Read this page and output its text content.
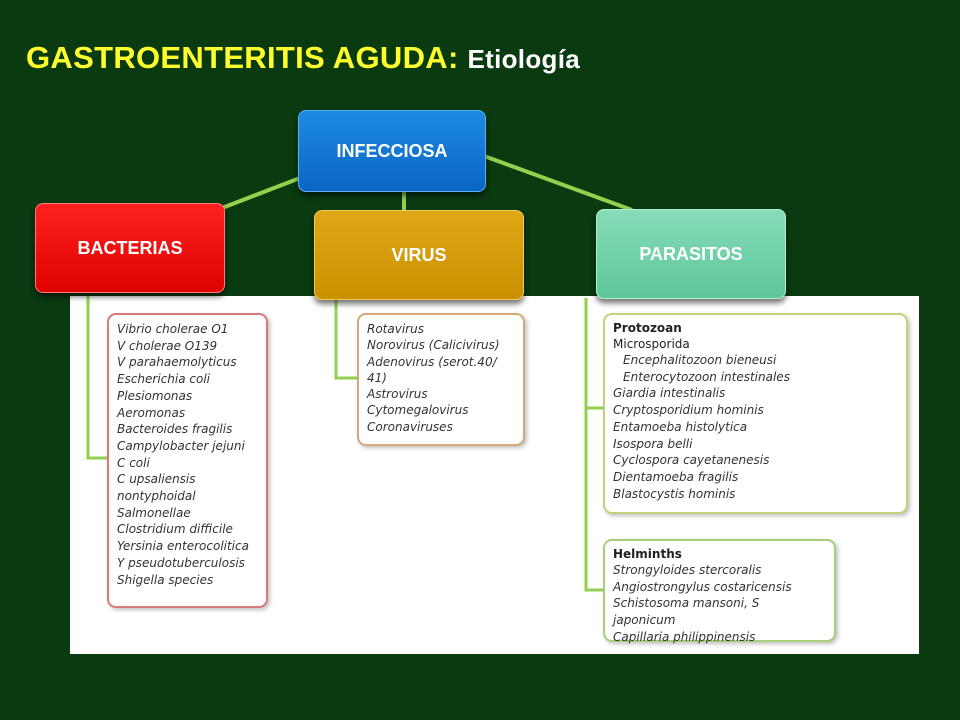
GASTROENTERITIS AGUDA: Etiología
INFECCIOSA
BACTERIAS	VIRUS	PARASITOS
Vibrio cholerae O1
V cholerae O139
V parahaemolyticus
Escherichia coli
Plesiomonas
Aeromonas
Bacteroides fragilis
Campylobacter jejuni
C coli
C upsaliensis
nontyphoidal
Salmonellae
Clostridium difficile
Yersinia enterocolitica
Y pseudotuberculosis
Shigella species
Rotavirus
Norovirus (Calicivirus)
Adenovirus (serot.40/
41)
Astrovirus
Cytomegalovirus
Coronaviruses
Protozoan
Microsporida
Encephalitozoon bieneusi
Enterocytozoon intestinales
Giardia intestinalis
Cryptosporidium hominis
Entamoeba histolytica
Isospora belli
Cyclospora cayetanenesis
Dientamoeba fragilis
Blastocystis hominis
Helminths
Strongyloides stercoralis
Angiostrongylus costaricensis
Schistosoma mansoni, S
japonicum
Capillaria philippinensis
